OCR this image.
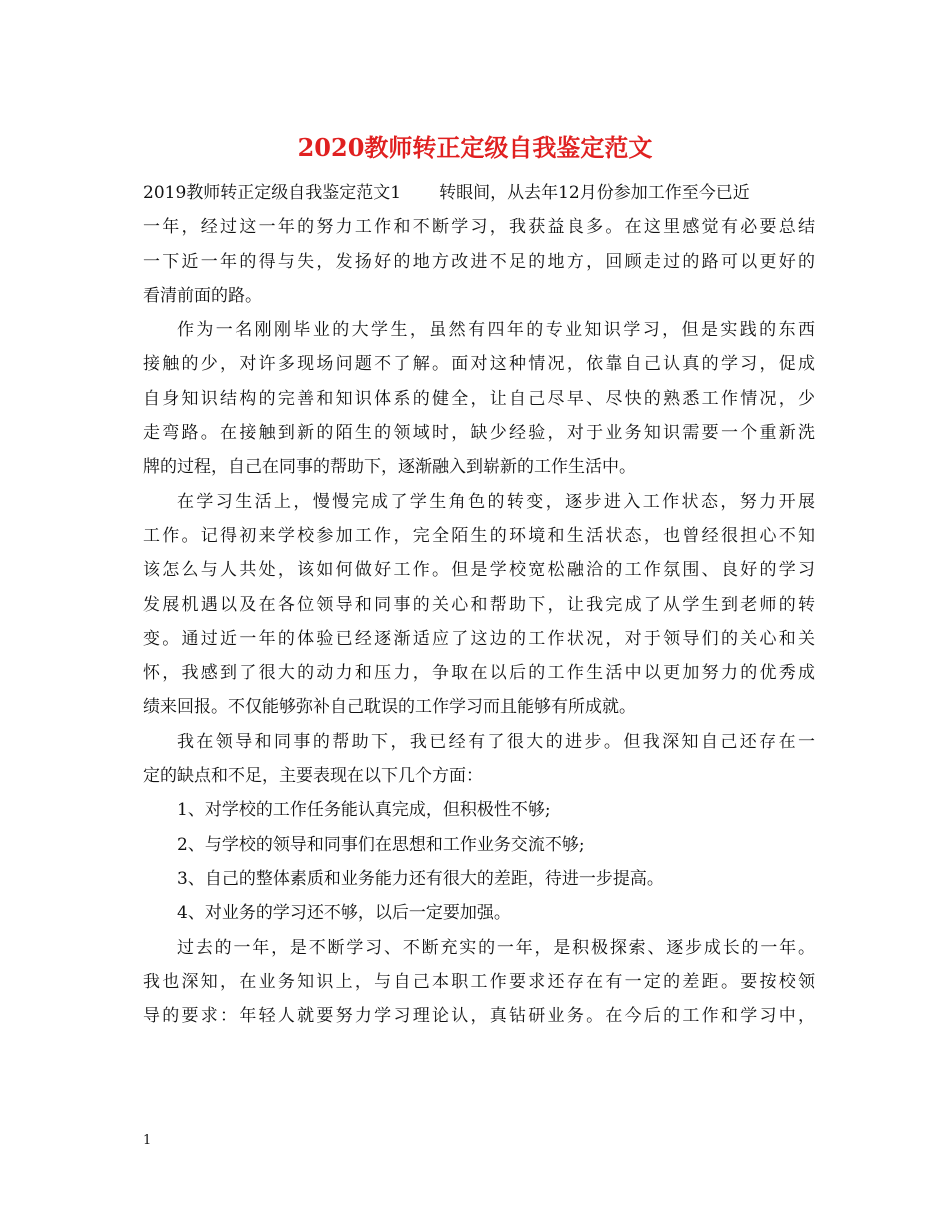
2020教师转正定级自我鉴定范文
2019教师转正定级自我鉴定范文1 转眼间，从去年12月份参加工作至今已近
一年，经过这一年的努力工作和不断学习，我获益良多。在这里感觉有必要总结
一下近一年的得与失，发扬好的地方改进不足的地方，回顾走过的路可以更好的
看清前面的路。
作为一名刚刚毕业的大学生，虽然有四年的专业知识学习，但是实践的东西
接触的少，对许多现场问题不了解。面对这种情况，依靠自己认真的学习，促成
自身知识结构的完善和知识体系的健全，让自己尽早、尽快的熟悉工作情况，少
走弯路。在接触到新的陌生的领域时，缺少经验，对于业务知识需要一个重新洗
牌的过程，自己在同事的帮助下，逐渐融入到崭新的工作生活中。
在学习生活上，慢慢完成了学生角色的转变，逐步进入工作状态，努力开展
工作。记得初来学校参加工作，完全陌生的环境和生活状态，也曾经很担心不知
该怎么与人共处，该如何做好工作。但是学校宽松融洽的工作氛围、良好的学习
发展机遇以及在各位领导和同事的关心和帮助下，让我完成了从学生到老师的转
变。通过近一年的体验已经逐渐适应了这边的工作状况，对于领导们的关心和关
怀，我感到了很大的动力和压力，争取在以后的工作生活中以更加努力的优秀成
绩来回报。不仅能够弥补自己耽误的工作学习而且能够有所成就。
我在领导和同事的帮助下，我已经有了很大的进步。但我深知自己还存在一
定的缺点和不足，主要表现在以下几个方面：
1、对学校的工作任务能认真完成，但积极性不够;
2、与学校的领导和同事们在思想和工作业务交流不够;
3、自己的整体素质和业务能力还有很大的差距，待进一步提高。
4、对业务的学习还不够，以后一定要加强。
过去的一年，是不断学习、不断充实的一年，是积极探索、逐步成长的一年。
我也深知，在业务知识上，与自己本职工作要求还存在有一定的差距。要按校领
导的要求：年轻人就要努力学习理论认，真钻研业务。在今后的工作和学习中，
1
